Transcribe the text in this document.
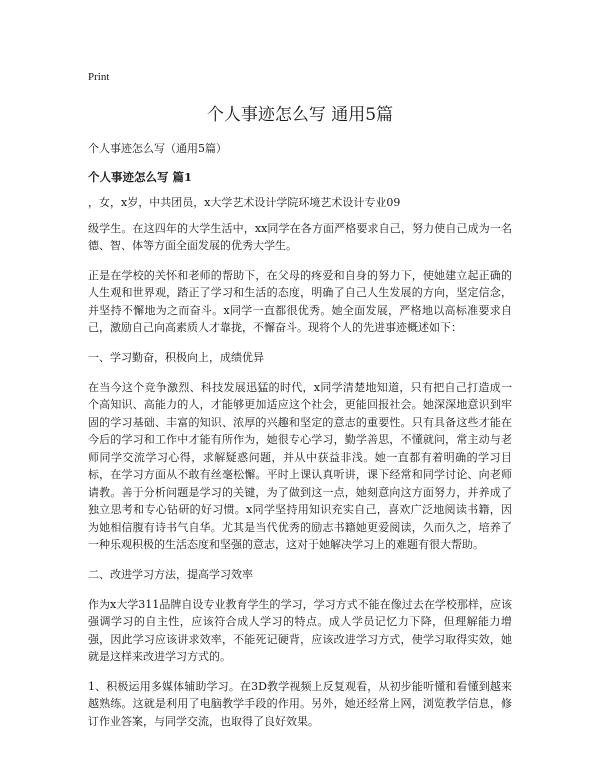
Print
个人事迹怎么写 通用5篇
个人事迹怎么写（通用5篇）
个人事迹怎么写 篇1
，女，x岁，中共团员，x大学艺术设计学院环境艺术设计专业09
级学生。在这四年的大学生活中，xx同学在各方面严格要求自己，努力使自己成为一名德、智、体等方面全面发展的优秀大学生。
正是在学校的关怀和老师的帮助下，在父母的疼爱和自身的努力下，使她建立起正确的人生观和世界观，踏正了学习和生活的态度，明确了自己人生发展的方向，坚定信念，并坚持不懈地为之而奋斗。x同学一直都很优秀。她全面发展，严格地以高标准要求自己，激励自己向高素质人才靠拢，不懈奋斗。现将个人的先进事迹概述如下：
一、学习勤奋，积极向上，成绩优异
在当今这个竞争激烈、科技发展迅猛的时代，x同学清楚地知道，只有把自己打造成一个高知识、高能力的人，才能够更加适应这个社会，更能回报社会。她深深地意识到牢固的学习基础、丰富的知识、浓厚的兴趣和坚定的意志的重要性。只有具备这些才能在今后的学习和工作中才能有所作为，她很专心学习，勤学善思，不懂就问，常主动与老师同学交流学习心得，求解疑惑问题，并从中获益非浅。她一直都有着明确的学习目标，在学习方面从不敢有丝毫松懈。平时上课认真听讲，课下经常和同学讨论、向老师请教。善于分析问题是学习的关键，为了做到这一点，她刻意向这方面努力，并养成了独立思考和专心钻研的好习惯。x同学坚持用知识充实自己，喜欢广泛地阅读书籍，因为她相信腹有诗书气自华。尤其是当代优秀的励志书籍她更爱阅读，久而久之，培养了一种乐观积极的生活态度和坚强的意志，这对于她解决学习上的难题有很大帮助。
二、改进学习方法，提高学习效率
作为x大学311品牌自设专业教育学生的学习，学习方式不能在像过去在学校那样，应该强调学习的自主性，应该符合成人学习的特点。成人学员记忆力下降，但理解能力增强，因此学习应该讲求效率，不能死记硬背，应该改进学习方式，使学习取得实效，她就是这样来改进学习方式的。
1、积极运用多媒体辅助学习。在3D教学视频上反复观看，从初步能听懂和看懂到越来越熟练。这就是利用了电脑教学手段的作用。另外，她还经常上网，浏览教学信息，修订作业答案，与同学交流，也取得了良好效果。
